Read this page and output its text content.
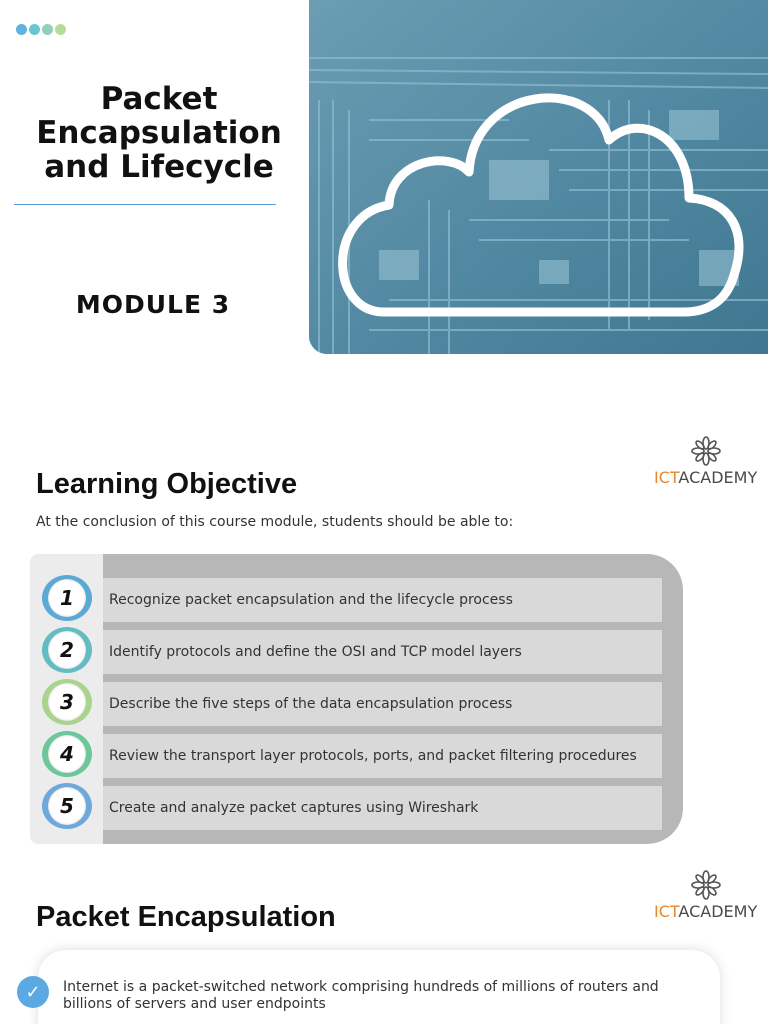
Packet
Encapsulation
and Lifecycle
MODULE 3
ICTACADEMY
Learning Objective
At the conclusion of this course module, students should be able to:
1	Recognize packet encapsulation and the lifecycle process
2	Identify protocols and define the OSI and TCP model layers
3	Describe the five steps of the data encapsulation process
4	Review the transport layer protocols, ports, and packet filtering procedures
5	Create and analyze packet captures using Wireshark
ICTACADEMY
Packet Encapsulation
✓	Internet is a packet-switched network comprising hundreds of millions of routers and billions of servers and user endpoints
